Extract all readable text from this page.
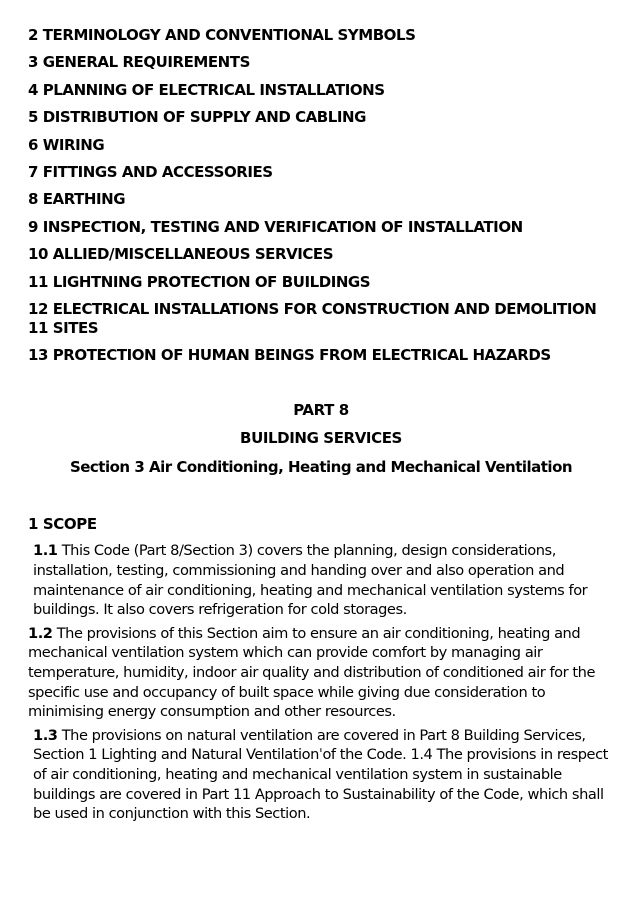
2 TERMINOLOGY AND CONVENTIONAL SYMBOLS
3 GENERAL REQUIREMENTS
4 PLANNING OF ELECTRICAL INSTALLATIONS
5 DISTRIBUTION OF SUPPLY AND CABLING
6 WIRING
7 FITTINGS AND ACCESSORIES
8 EARTHING
9 INSPECTION, TESTING AND VERIFICATION OF INSTALLATION
10 ALLIED/MISCELLANEOUS SERVICES
11 LIGHTNING PROTECTION OF BUILDINGS
12 ELECTRICAL INSTALLATIONS FOR CONSTRUCTION AND DEMOLITION 11 SITES
13 PROTECTION OF HUMAN BEINGS FROM ELECTRICAL HAZARDS
PART 8
BUILDING SERVICES
Section 3 Air Conditioning, Heating and Mechanical Ventilation
1 SCOPE
1.1 This Code (Part 8/Section 3) covers the planning, design considerations, installation, testing, commissioning and handing over and also operation and maintenance of air conditioning, heating and mechanical ventilation systems for buildings. It also covers refrigeration for cold storages.
1.2 The provisions of this Section aim to ensure an air conditioning, heating and mechanical ventilation system which can provide comfort by managing air temperature, humidity, indoor air quality and distribution of conditioned air for the specific use and occupancy of built space while giving due consideration to minimising energy consumption and other resources.
1.3 The provisions on natural ventilation are covered in Part 8 Building Services, Section 1 Lighting and Natural Ventilationˈof the Code. 1.4 The provisions in respect of air conditioning, heating and mechanical ventilation system in sustainable buildings are covered in Part 11 Approach to Sustainability of the Code, which shall be used in conjunction with this Section.
